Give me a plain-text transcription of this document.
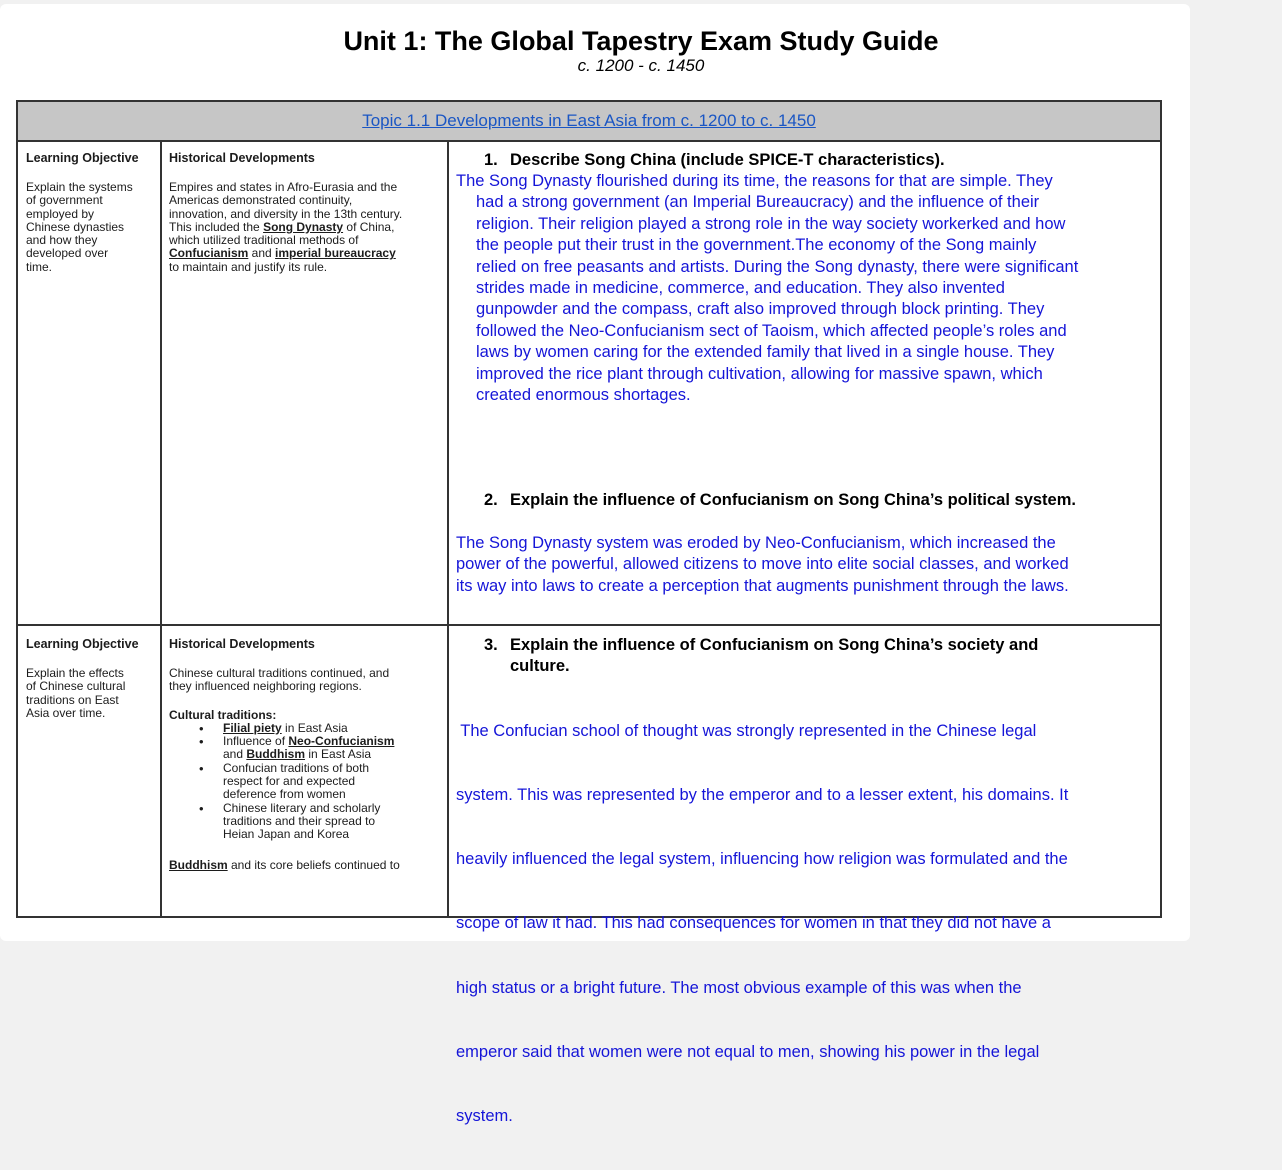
Unit 1: The Global Tapestry Exam Study Guide
c. 1200 - c. 1450
Topic 1.1 Developments in East Asia from c. 1200 to c. 1450
Learning Objective
Explain the systems
of government
employed by
Chinese dynasties
and how they
developed over
time.
Historical Developments
Empires and states in Afro-Eurasia and the
Americas demonstrated continuity,
innovation, and diversity in the 13th century.
This included the Song Dynasty of China,
which utilized traditional methods of
Confucianism and imperial bureaucracy
to maintain and justify its rule.
1. Describe Song China (include SPICE-T characteristics).
The Song Dynasty flourished during its time, the reasons for that are simple. They
had a strong government (an Imperial Bureaucracy) and the influence of their
religion. Their religion played a strong role in the way society workerked and how
the people put their trust in the government.The economy of the Song mainly
relied on free peasants and artists. During the Song dynasty, there were significant
strides made in medicine, commerce, and education. They also invented
gunpowder and the compass, craft also improved through block printing. They
followed the Neo-Confucianism sect of Taoism, which affected people’s roles and
laws by women caring for the extended family that lived in a single house. They
improved the rice plant through cultivation, allowing for massive spawn, which
created enormous shortages.
2. Explain the influence of Confucianism on Song China’s political system.
The Song Dynasty system was eroded by Neo-Confucianism, which increased the
power of the powerful, allowed citizens to move into elite social classes, and worked
its way into laws to create a perception that augments punishment through the laws.
Learning Objective
Explain the effects
of Chinese cultural
traditions on East
Asia over time.
Historical Developments
Chinese cultural traditions continued, and
they influenced neighboring regions.
Cultural traditions:
• Filial piety in East Asia
• Influence of Neo-Confucianism
and Buddhism in East Asia
• Confucian traditions of both
respect for and expected
deference from women
• Chinese literary and scholarly
traditions and their spread to
Heian Japan and Korea
Buddhism and its core beliefs continued to
3. Explain the influence of Confucianism on Song China’s society and
culture.

The Confucian school of thought was strongly represented in the Chinese legal

system. This was represented by the emperor and to a lesser extent, his domains. It

heavily influenced the legal system, influencing how religion was formulated and the

scope of law it had. This had consequences for women in that they did not have a

high status or a bright future. The most obvious example of this was when the

emperor said that women were not equal to men, showing his power in the legal

system.
